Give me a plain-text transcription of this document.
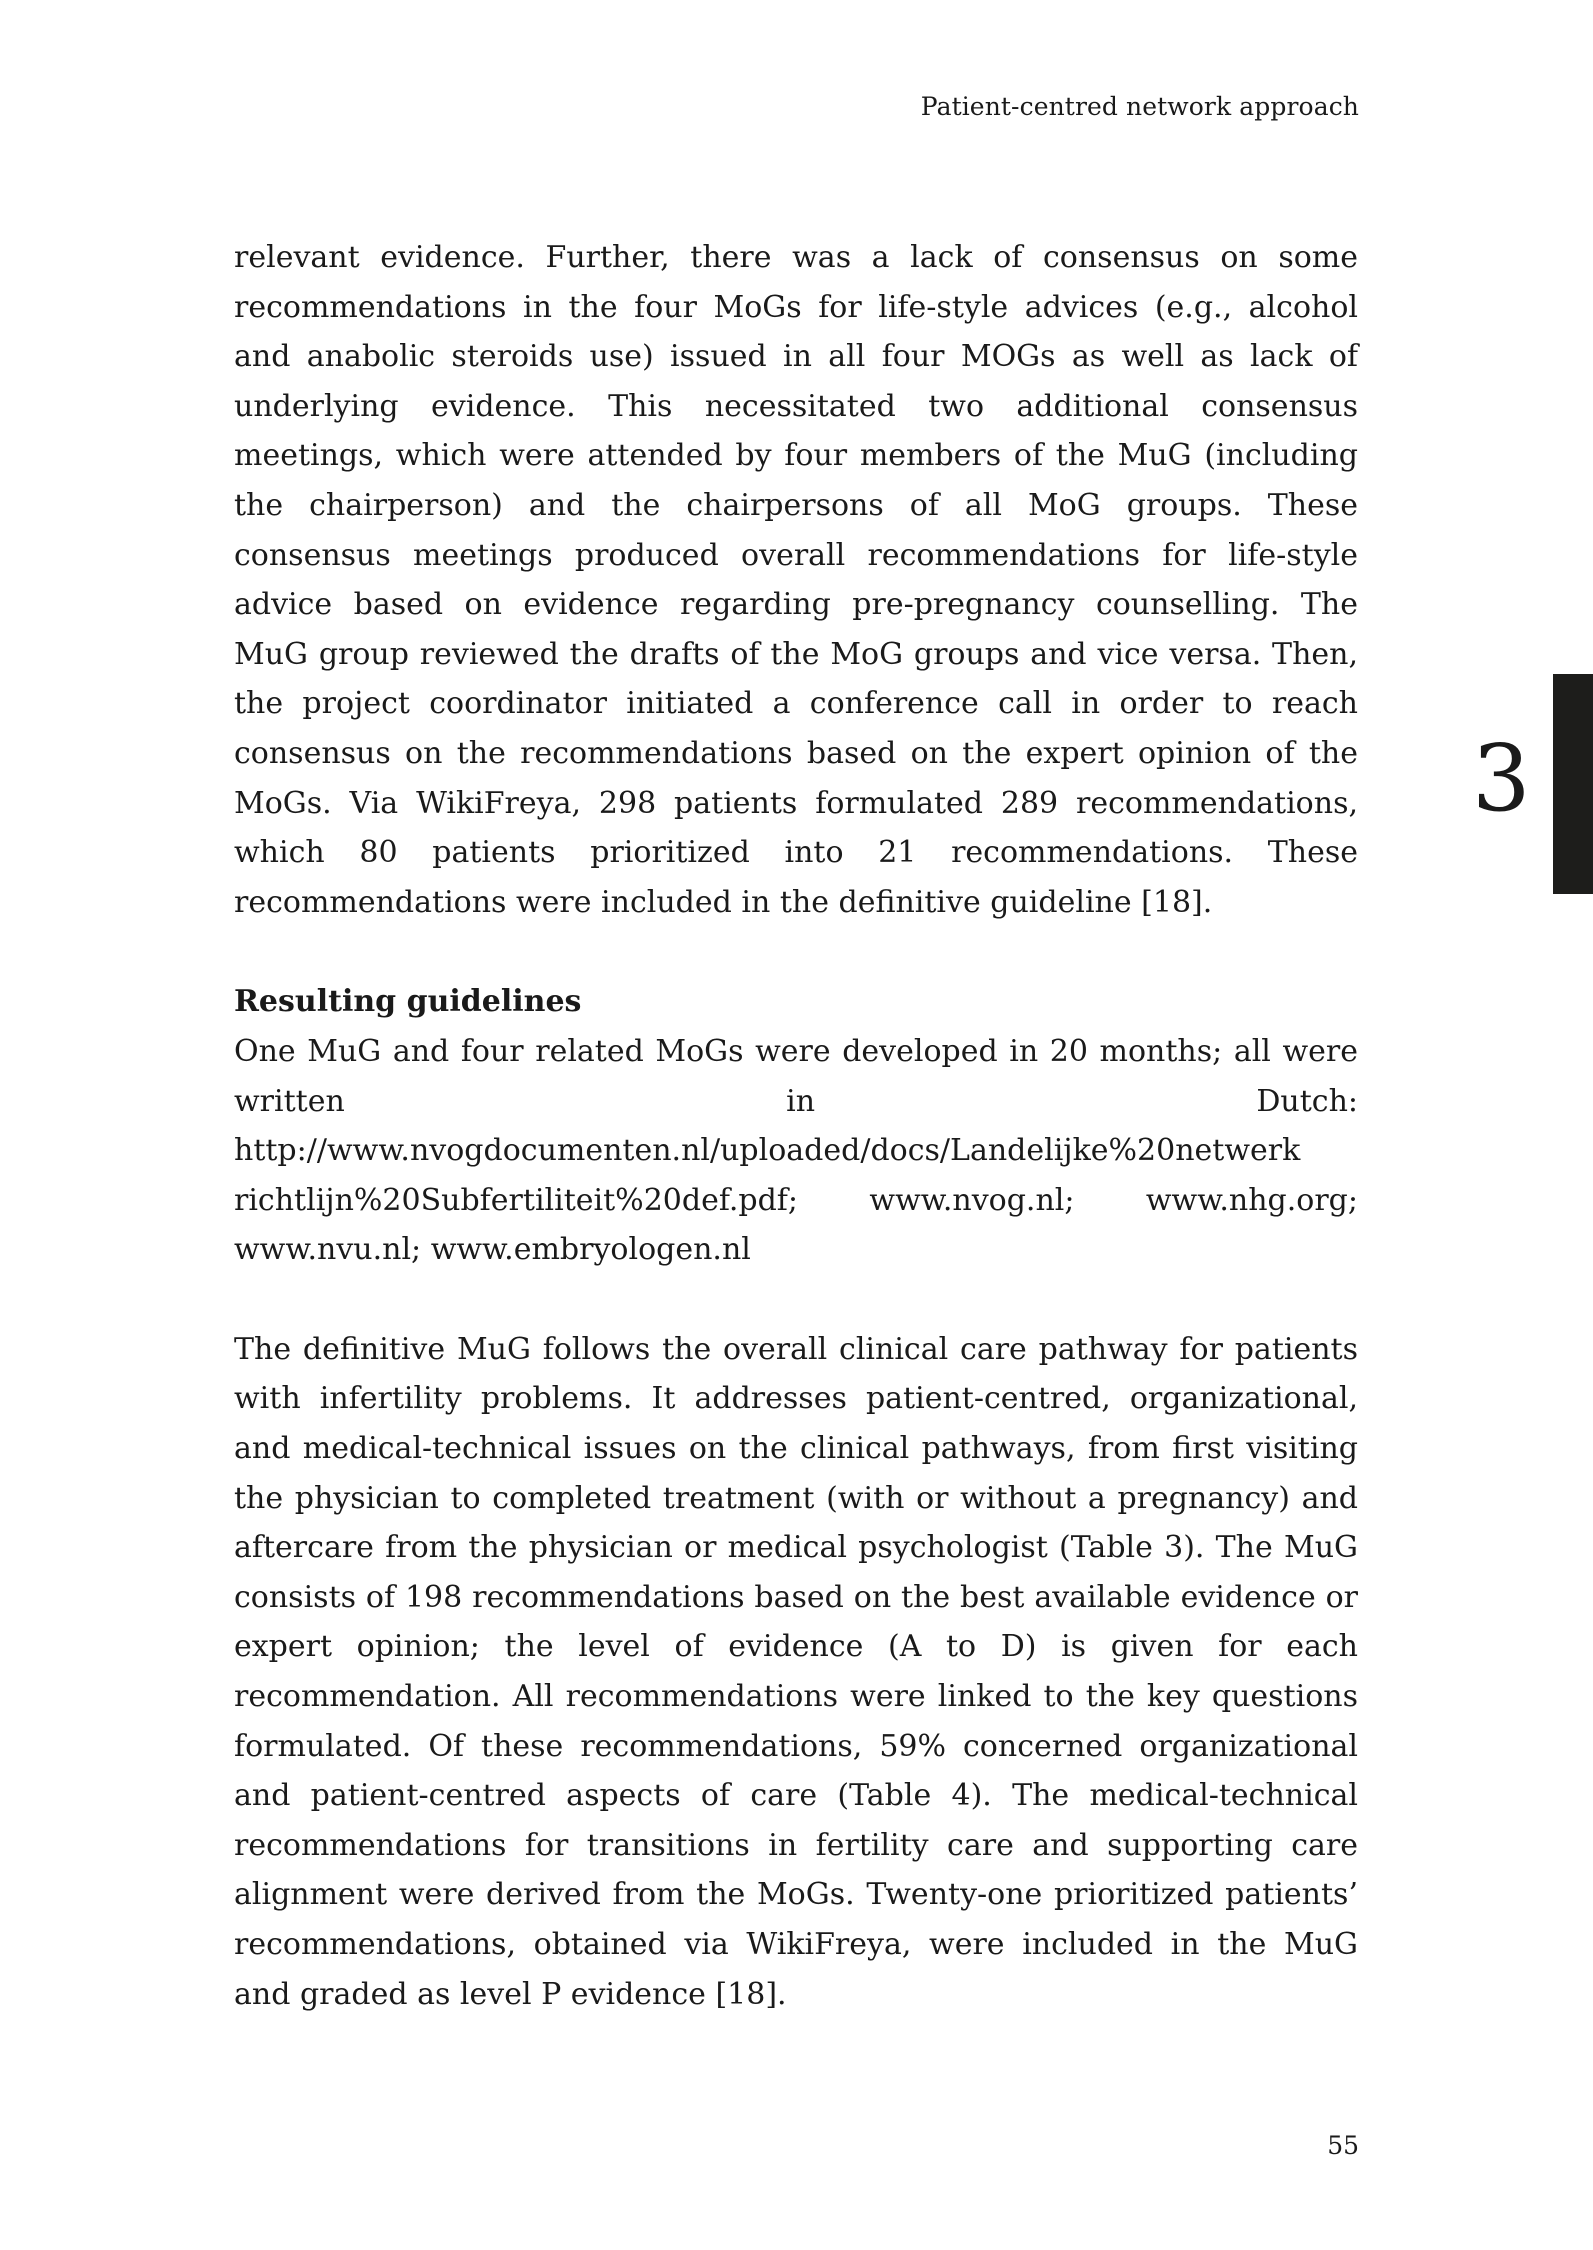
Patient-centred network approach
3

relevant evidence. Further, there was a lack of consensus on some recommendations in the four MoGs for life-style advices (e.g., alcohol and anabolic steroids use) issued in all four MOGs as well as lack of underlying evidence. This necessitated two additional consensus meetings, which were attended by four members of the MuG (including the chairperson) and the chairpersons of all MoG groups. These consensus meetings produced overall recommendations for life-style advice based on evidence regarding pre-pregnancy counselling. The MuG group reviewed the drafts of the MoG groups and vice versa. Then, the project coordinator initiated a conference call in order to reach consensus on the recommendations based on the expert opinion of the MoGs. Via WikiFreya, 298 patients formulated 289 recommendations, which 80 patients prioritized into 21 recommendations. These recommendations were included in the definitive guideline [18].

Resulting guidelines

One MuG and four related MoGs were developed in 20 months; all were written in Dutch: http://www.nvogdocumenten.nl/uploaded/docs/Landelijke%20netwerk richtlijn%20Subfertiliteit%20def.pdf; www.nvog.nl; www.nhg.org; www.nvu.nl; www.embryologen.nl

The definitive MuG follows the overall clinical care pathway for patients with infertility problems. It addresses patient-centred, organizational, and medical-technical issues on the clinical pathways, from first visiting the physician to completed treatment (with or without a pregnancy) and aftercare from the physician or medical psychologist (Table 3). The MuG consists of 198 recommendations based on the best available evidence or expert opinion; the level of evidence (A to D) is given for each recommendation. All recommendations were linked to the key questions formulated. Of these recommendations, 59% concerned organizational and patient-centred aspects of care (Table 4). The medical-technical recommendations for transitions in fertility care and supporting care alignment were derived from the MoGs. Twenty-one prioritized patients’ recommendations, obtained via WikiFreya, were included in the MuG and graded as level P evidence [18].

55
